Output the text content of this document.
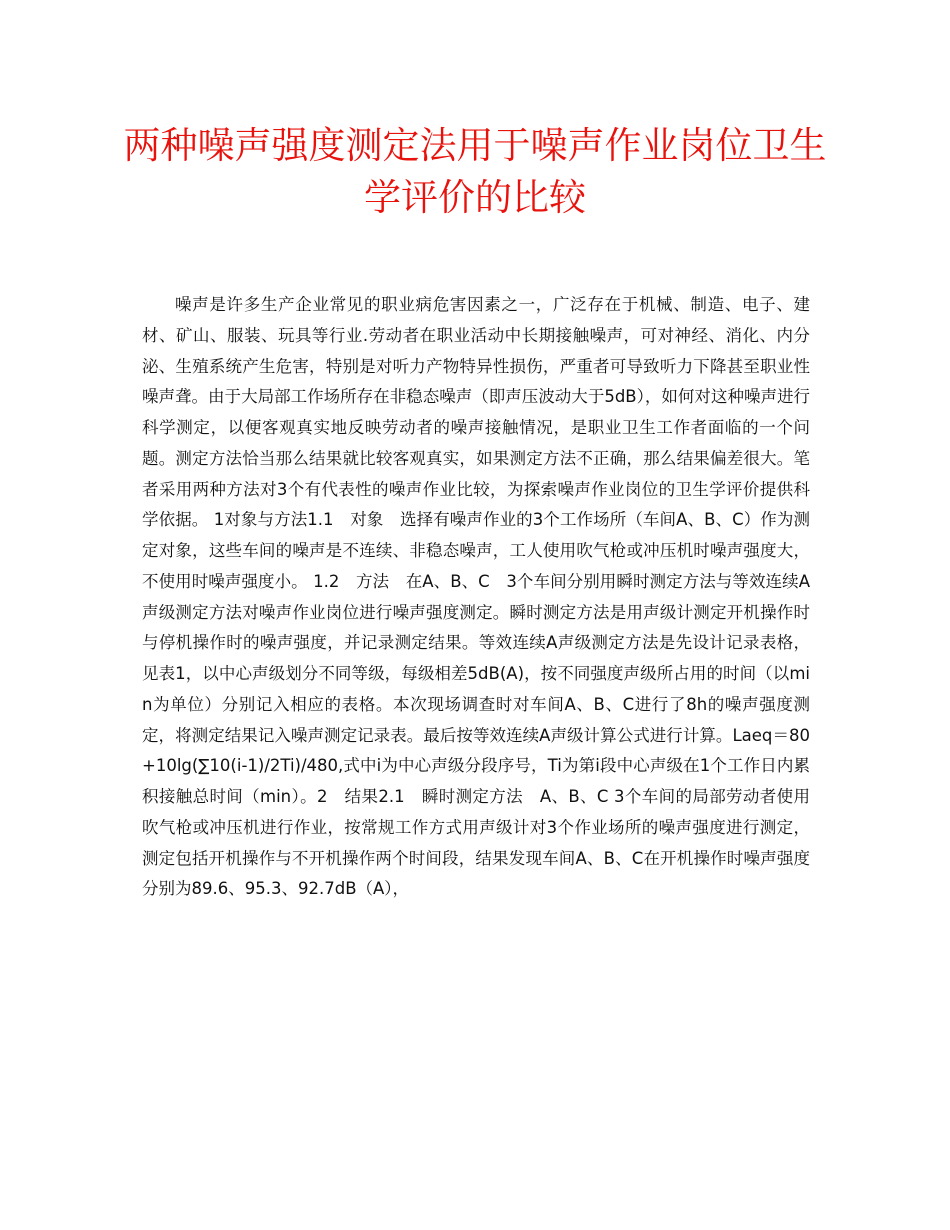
两种噪声强度测定法用于噪声作业岗位卫生学评价的比较

噪声是许多生产企业常见的职业病危害因素之一，广泛存在于机械、制造、电子、建材、矿山、服装、玩具等行业.劳动者在职业活动中长期接触噪声，可对神经、消化、内分泌、生殖系统产生危害，特别是对听力产物特异性损伤，严重者可导致听力下降甚至职业性噪声聋。由于大局部工作场所存在非稳态噪声（即声压波动大于5dB），如何对这种噪声进行科学测定，以便客观真实地反映劳动者的噪声接触情况，是职业卫生工作者面临的一个问题。测定方法恰当那么结果就比较客观真实，如果测定方法不正确，那么结果偏差很大。笔者采用两种方法对3个有代表性的噪声作业比较，为探索噪声作业岗位的卫生学评价提供科学依据。 1对象与方法1.1　对象　选择有噪声作业的3个工作场所（车间A、B、C）作为测定对象，这些车间的噪声是不连续、非稳态噪声，工人使用吹气枪或冲压机时噪声强度大，不使用时噪声强度小。 1.2　方法　在A、B、C　3个车间分别用瞬时测定方法与等效连续A声级测定方法对噪声作业岗位进行噪声强度测定。瞬时测定方法是用声级计测定开机操作时与停机操作时的噪声强度，并记录测定结果。等效连续A声级测定方法是先设计记录表格，见表1，以中心声级划分不同等级，每级相差5dB(A)，按不同强度声级所占用的时间（以min为单位）分别记入相应的表格。本次现场调查时对车间A、B、C进行了8h的噪声强度测定，将测定结果记入噪声测定记录表。最后按等效连续A声级计算公式进行计算。Laeq＝80+10lg(∑10(i-1)/2Ti)/480,式中i为中心声级分段序号，Ti为第i段中心声级在1个工作日内累积接触总时间（min）。2　结果2.1　瞬时测定方法　A、B、C 3个车间的局部劳动者使用吹气枪或冲压机进行作业，按常规工作方式用声级计对3个作业场所的噪声强度进行测定，测定包括开机操作与不开机操作两个时间段，结果发现车间A、B、C在开机操作时噪声强度分别为89.6、95.3、92.7dB（A），
